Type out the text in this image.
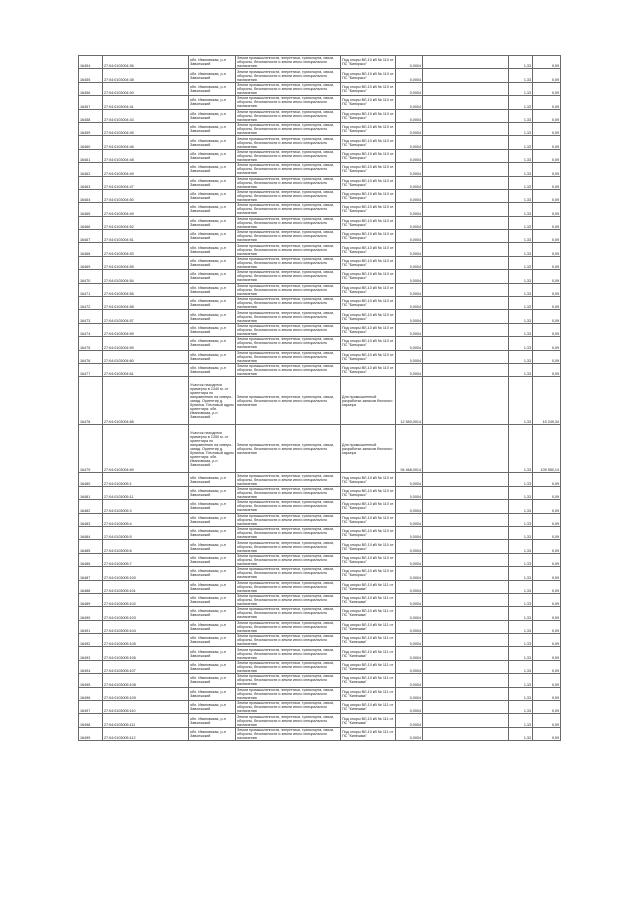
16454	27:04:0103004:36	обл. Ивановская, р-н Заволжский	Земли промышленности, энергетики, транспорта, связи, обороны, безопасности и земли иного специального назначения	Под опоры ВЛ-10 кВ № 110 от ПС "Бинкрасс"	0,0004		1,33	0,09
16455	27:04:0103004:38	обл. Ивановская, р-н Заволжский	Земли промышленности, энергетики, транспорта, связи, обороны, безопасности и земли иного специального назначения	Под опоры ВЛ-10 кВ № 110 от ПС "Бинкрасс"	0,0004		1,33	0,09
16456	27:04:0103004:40	обл. Ивановская, р-н Заволжский	Земли промышленности, энергетики, транспорта, связи, обороны, безопасности и земли иного специального назначения	Под опоры ВЛ-10 кВ № 110 от ПС "Бинкрасс"	0,0004		1,33	0,09
16457	27:04:0103004:41	обл. Ивановская, р-н Заволжский	Земли промышленности, энергетики, транспорта, связи, обороны, безопасности и земли иного специального назначения	Под опоры ВЛ-10 кВ № 110 от ПС "Бинкрасс"	0,0004		1,33	0,09
16458	27:04:0103004:43	обл. Ивановская, р-н Заволжский	Земли промышленности, энергетики, транспорта, связи, обороны, безопасности и земли иного специального назначения	Под опоры ВЛ-10 кВ № 110 от ПС "Бинкрасс"	0,0004		1,33	0,09
16459	27:04:0103004:45	обл. Ивановская, р-н Заволжский	Земли промышленности, энергетики, транспорта, связи, обороны, безопасности и земли иного специального назначения	Под опоры ВЛ-10 кВ № 110 от ПС "Бинкрасс"	0,0004		1,33	0,09
16460	27:04:0103004:46	обл. Ивановская, р-н Заволжский	Земли промышленности, энергетики, транспорта, связи, обороны, безопасности и земли иного специального назначения	Под опоры ВЛ-10 кВ № 110 от ПС "Бинкрасс"	0,0004		1,33	0,09
16461	27:04:0103004:48	обл. Ивановская, р-н Заволжский	Земли промышленности, энергетики, транспорта, связи, обороны, безопасности и земли иного специального назначения	Под опоры ВЛ-10 кВ № 110 от ПС "Бинкрасс"	0,0004		1,33	0,09
16462	27:04:0103004:49	обл. Ивановская, р-н Заволжский	Земли промышленности, энергетики, транспорта, связи, обороны, безопасности и земли иного специального назначения	Под опоры ВЛ-10 кВ № 110 от ПС "Бинкрасс"	0,0004		1,33	0,09
16463	27:04:0103004:47	обл. Ивановская, р-н Заволжский	Земли промышленности, энергетики, транспорта, связи, обороны, безопасности и земли иного специального назначения	Под опоры ВЛ-10 кВ № 110 от ПС "Бинкрасс"	0,0004		1,33	0,09
16464	27:04:0103004:50	обл. Ивановская, р-н Заволжский	Земли промышленности, энергетики, транспорта, связи, обороны, безопасности и земли иного специального назначения	Под опоры ВЛ-10 кВ № 110 от ПС "Бинкрасс"	0,0004		1,33	0,09
16465	27:04:0103004:49	обл. Ивановская, р-н Заволжский	Земли промышленности, энергетики, транспорта, связи, обороны, безопасности и земли иного специального назначения	Под опоры ВЛ-10 кВ № 110 от ПС "Бинкрасс"	0,0004		1,33	0,09
16466	27:04:0103004:52	обл. Ивановская, р-н Заволжский	Земли промышленности, энергетики, транспорта, связи, обороны, безопасности и земли иного специального назначения	Под опоры ВЛ-10 кВ № 110 от ПС "Бинкрасс"	0,0004		1,33	0,09
16467	27:04:0103004:51	обл. Ивановская, р-н Заволжский	Земли промышленности, энергетики, транспорта, связи, обороны, безопасности и земли иного специального назначения	Под опоры ВЛ-10 кВ № 110 от ПС "Бинкрасс"	0,0004		1,33	0,09
16468	27:04:0103004:53	обл. Ивановская, р-н Заволжский	Земли промышленности, энергетики, транспорта, связи, обороны, безопасности и земли иного специального назначения	Под опоры ВЛ-10 кВ № 110 от ПС "Бинкрасс"	0,0004		1,33	0,09
16469	27:04:0103004:55	обл. Ивановская, р-н Заволжский	Земли промышленности, энергетики, транспорта, связи, обороны, безопасности и земли иного специального назначения	Под опоры ВЛ-10 кВ № 110 от ПС "Бинкрасс"	0,0004		1,33	0,09
16470	27:04:0103004:54	обл. Ивановская, р-н Заволжский	Земли промышленности, энергетики, транспорта, связи, обороны, безопасности и земли иного специального назначения	Под опоры ВЛ-10 кВ № 110 от ПС "Бинкрасс"	0,0004		1,33	0,09
16471	27:04:0103004:56	обл. Ивановская, р-н Заволжский	Земли промышленности, энергетики, транспорта, связи, обороны, безопасности и земли иного специального назначения	Под опоры ВЛ-10 кВ № 110 от ПС "Бинкрасс"	0,0004		1,33	0,09
16472	27:04:0103004:58	обл. Ивановская, р-н Заволжский	Земли промышленности, энергетики, транспорта, связи, обороны, безопасности и земли иного специального назначения	Под опоры ВЛ-10 кВ № 110 от ПС "Бинкрасс"	0,0004		1,33	0,09
16473	27:04:0103004:57	обл. Ивановская, р-н Заволжский	Земли промышленности, энергетики, транспорта, связи, обороны, безопасности и земли иного специального назначения	Под опоры ВЛ-10 кВ № 110 от ПС "Бинкрасс"	0,0004		1,33	0,09
16474	27:04:0103004:59	обл. Ивановская, р-н Заволжский	Земли промышленности, энергетики, транспорта, связи, обороны, безопасности и земли иного специального назначения	Под опоры ВЛ-10 кВ № 110 от ПС "Бинкрасс"	0,0004		1,33	0,09
16475	27:04:0103004:59	обл. Ивановская, р-н Заволжский	Земли промышленности, энергетики, транспорта, связи, обороны, безопасности и земли иного специального назначения	Под опоры ВЛ-10 кВ № 110 от ПС "Бинкрасс"	0,0004		1,33	0,09
16476	27:04:0103004:60	обл. Ивановская, р-н Заволжский	Земли промышленности, энергетики, транспорта, связи, обороны, безопасности и земли иного специального назначения	Под опоры ВЛ-10 кВ № 110 от ПС "Бинкрасс"	0,0004		1,33	0,09
16477	27:04:0103004:61	обл. Ивановская, р-н Заволжский	Земли промышленности, энергетики, транспорта, связи, обороны, безопасности и земли иного специального назначения	Под опоры ВЛ-10 кВ № 110 от ПС "Бинкрасс"	0,0004		1,33	0,09
16478	27:04:0103004:68	Участок находится примерно в 1340 м. от ориентира по направлению на северо-запад. Ориентир д. Кунинка. Почтовый адрес ориентира: обл. Ивановская, р-н Заволжский	Земли промышленности, энергетики, транспорта, связи, обороны, безопасности и земли иного специального назначения	Для промышленной разработки запасов блочного карьера	12 550,0014		1,33	15 249,34
16479	27:04:0103004:69	Участок находится примерно в 1350 м. от ориентира по направлению на северо-запад. Ориентир д. Кунинка. Почтовый адрес ориентира: обл. Ивановская, р-н Заволжский	Земли промышленности, энергетики, транспорта, связи, обороны, безопасности и земли иного специального назначения	Для промышленной разработки запасов блочного карьера	94 468,0014		1,33	109 550,14
16480	27:04:0103005:1	обл. Ивановская, р-н Заволжский	Земли промышленности, энергетики, транспорта, связи, обороны, безопасности и земли иного специального назначения	Под опоры ВЛ-10 кВ № 110 от ПС "Бинкрасс"	0,0004		1,33	0,09
16481	27:04:0103005:11	обл. Ивановская, р-н Заволжский	Земли промышленности, энергетики, транспорта, связи, обороны, безопасности и земли иного специального назначения	Под опоры ВЛ-10 кВ № 110 от ПС "Бинкрасс"	0,0004		1,33	0,09
16482	27:04:0103005:3	обл. Ивановская, р-н Заволжский	Земли промышленности, энергетики, транспорта, связи, обороны, безопасности и земли иного специального назначения	Под опоры ВЛ-10 кВ № 110 от ПС "Бинкрасс"	0,0004		1,33	0,09
16483	27:04:0103005:4	обл. Ивановская, р-н Заволжский	Земли промышленности, энергетики, транспорта, связи, обороны, безопасности и земли иного специального назначения	Под опоры ВЛ-10 кВ № 110 от ПС "Бинкрасс"	0,0004		1,33	0,09
16484	27:04:0103005:5	обл. Ивановская, р-н Заволжский	Земли промышленности, энергетики, транспорта, связи, обороны, безопасности и земли иного специального назначения	Под опоры ВЛ-10 кВ № 110 от ПС "Бинкрасс"	0,0004		1,33	0,09
16485	27:04:0103005:6	обл. Ивановская, р-н Заволжский	Земли промышленности, энергетики, транспорта, связи, обороны, безопасности и земли иного специального назначения	Под опоры ВЛ-10 кВ № 110 от ПС "Бинкрасс"	0,0004		1,33	0,09
16486	27:04:0103005:7	обл. Ивановская, р-н Заволжский	Земли промышленности, энергетики, транспорта, связи, обороны, безопасности и земли иного специального назначения	Под опоры ВЛ-10 кВ № 110 от ПС "Бинкрасс"	0,0004		1,33	0,09
16487	27:04:0103005:100	обл. Ивановская, р-н Заволжский	Земли промышленности, энергетики, транспорта, связи, обороны, безопасности и земли иного специального назначения	Под опоры ВЛ-10 кВ № 110 от ПС "Бинкрасс"	0,0004		1,33	0,09
16488	27:04:0103005:101	обл. Ивановская, р-н Заволжский	Земли промышленности, энергетики, транспорта, связи, обороны, безопасности и земли иного специального назначения	Под опоры ВЛ-10 кВ № 111 от ПС "Кинешма"	0,0004		1,33	0,09
16489	27:04:0103005:102	обл. Ивановская, р-н Заволжский	Земли промышленности, энергетики, транспорта, связи, обороны, безопасности и земли иного специального назначения	Под опоры ВЛ-10 кВ № 111 от ПС "Кинешма"	0,0004		1,33	0,09
16490	27:04:0103005:103	обл. Ивановская, р-н Заволжский	Земли промышленности, энергетики, транспорта, связи, обороны, безопасности и земли иного специального назначения	Под опоры ВЛ-10 кВ № 111 от ПС "Кинешма"	0,0004		1,33	0,09
16491	27:04:0103005:104	обл. Ивановская, р-н Заволжский	Земли промышленности, энергетики, транспорта, связи, обороны, безопасности и земли иного специального назначения	Под опоры ВЛ-10 кВ № 111 от ПС "Кинешма"	0,0004		1,33	0,09
16492	27:04:0103005:105	обл. Ивановская, р-н Заволжский	Земли промышленности, энергетики, транспорта, связи, обороны, безопасности и земли иного специального назначения	Под опоры ВЛ-10 кВ № 111 от ПС "Кинешма"	0,0004		1,33	0,09
16493	27:04:0103005:106	обл. Ивановская, р-н Заволжский	Земли промышленности, энергетики, транспорта, связи, обороны, безопасности и земли иного специального назначения	Под опоры ВЛ-10 кВ № 111 от ПС "Кинешма"	0,0004		1,33	0,09
16494	27:04:0103005:107	обл. Ивановская, р-н Заволжский	Земли промышленности, энергетики, транспорта, связи, обороны, безопасности и земли иного специального назначения	Под опоры ВЛ-10 кВ № 111 от ПС "Кинешма"	0,0004		1,33	0,09
16495	27:04:0103005:108	обл. Ивановская, р-н Заволжский	Земли промышленности, энергетики, транспорта, связи, обороны, безопасности и земли иного специального назначения	Под опоры ВЛ-10 кВ № 111 от ПС "Кинешма"	0,0004		1,33	0,09
16496	27:04:0103005:109	обл. Ивановская, р-н Заволжский	Земли промышленности, энергетики, транспорта, связи, обороны, безопасности и земли иного специального назначения	Под опоры ВЛ-10 кВ № 111 от ПС "Кинешма"	0,0004		1,33	0,09
16497	27:04:0103005:110	обл. Ивановская, р-н Заволжский	Земли промышленности, энергетики, транспорта, связи, обороны, безопасности и земли иного специального назначения	Под опоры ВЛ-10 кВ № 111 от ПС "Кинешма"	0,0004		1,33	0,09
16498	27:04:0103005:111	обл. Ивановская, р-н Заволжский	Земли промышленности, энергетики, транспорта, связи, обороны, безопасности и земли иного специального назначения	Под опоры ВЛ-10 кВ № 111 от ПС "Кинешма"	0,0004		1,33	0,09
16499	27:04:0103005:112	обл. Ивановская, р-н Заволжский	Земли промышленности, энергетики, транспорта, связи, обороны, безопасности и земли иного специального назначения	Под опоры ВЛ-10 кВ № 111 от ПС "Кинешма"	0,0004		1,33	0,09
